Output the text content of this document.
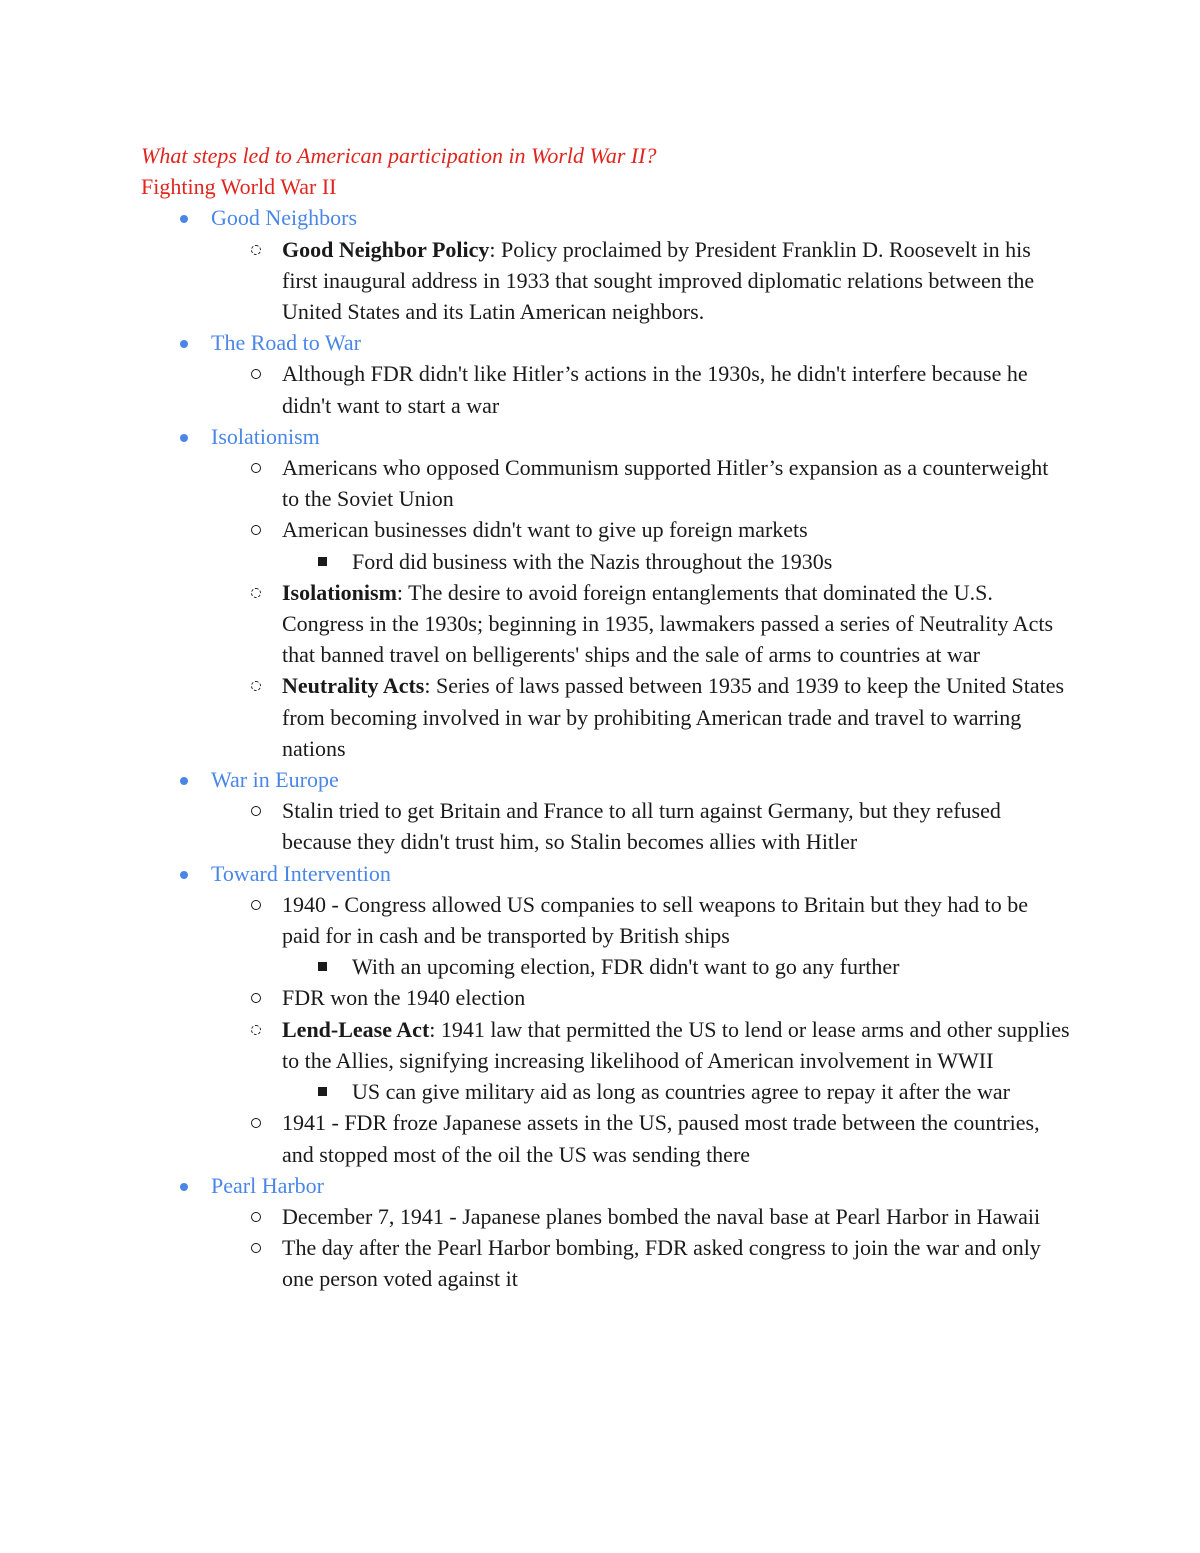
What steps led to American participation in World War II?
Fighting World War II
Good Neighbors
Good Neighbor Policy: Policy proclaimed by President Franklin D. Roosevelt in his first inaugural address in 1933 that sought improved diplomatic relations between the United States and its Latin American neighbors.
The Road to War
Although FDR didn't like Hitler’s actions in the 1930s, he didn't interfere because he didn't want to start a war
Isolationism
Americans who opposed Communism supported Hitler’s expansion as a counterweight to the Soviet Union
American businesses didn't want to give up foreign markets
Ford did business with the Nazis throughout the 1930s
Isolationism: The desire to avoid foreign entanglements that dominated the U.S. Congress in the 1930s; beginning in 1935, lawmakers passed a series of Neutrality Acts that banned travel on belligerents' ships and the sale of arms to countries at war
Neutrality Acts: Series of laws passed between 1935 and 1939 to keep the United States from becoming involved in war by prohibiting American trade and travel to warring nations
War in Europe
Stalin tried to get Britain and France to all turn against Germany, but they refused because they didn't trust him, so Stalin becomes allies with Hitler
Toward Intervention
1940 - Congress allowed US companies to sell weapons to Britain but they had to be paid for in cash and be transported by British ships
With an upcoming election, FDR didn't want to go any further
FDR won the 1940 election
Lend-Lease Act: 1941 law that permitted the US to lend or lease arms and other supplies to the Allies, signifying increasing likelihood of American involvement in WWII
US can give military aid as long as countries agree to repay it after the war
1941 - FDR froze Japanese assets in the US, paused most trade between the countries, and stopped most of the oil the US was sending there
Pearl Harbor
December 7, 1941 - Japanese planes bombed the naval base at Pearl Harbor in Hawaii
The day after the Pearl Harbor bombing, FDR asked congress to join the war and only one person voted against it
